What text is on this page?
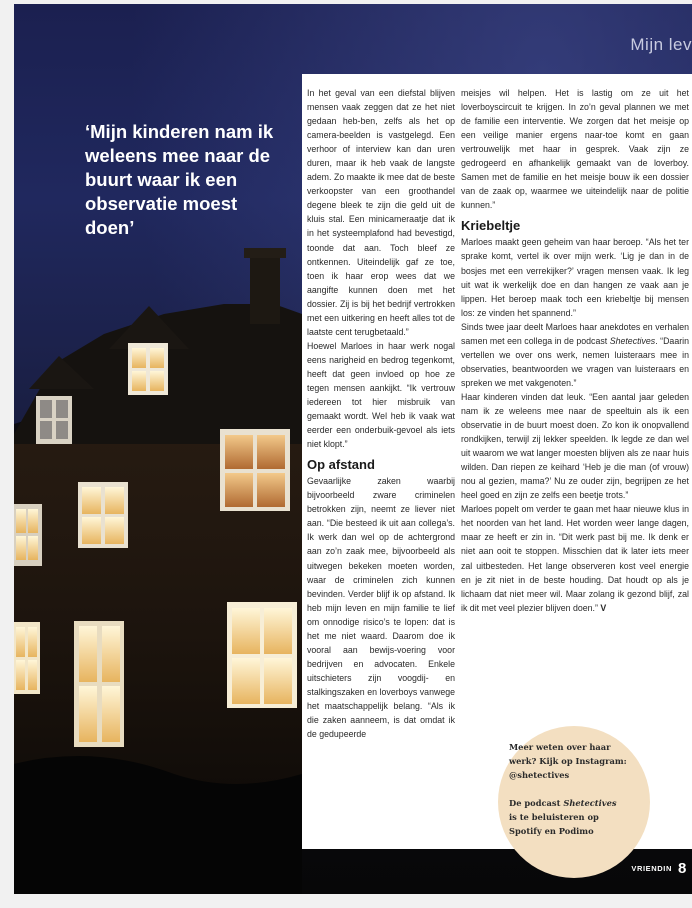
Mijn lev
‘Mijn kinderen nam ik weleens mee naar de buurt waar ik een observatie moest doen’

In het geval van een diefstal blijven mensen vaak zeggen dat ze het niet gedaan heb-ben, zelfs als het op camera-beelden is vastgelegd. Een verhoor of interview kan dan uren duren, maar ik heb vaak de langste adem. Zo maakte ik mee dat de beste verkoopster van een groothandel degene bleek te zijn die geld uit de kluis stal. Een minicameraatje dat ik in het systeemplafond had bevestigd, toonde dat aan. Toch bleef ze ontkennen. Uiteindelijk gaf ze toe, toen ik haar erop wees dat we aangifte kunnen doen met het dossier. Zij is bij het bedrijf vertrokken met een uitkering en heeft alles tot de laatste cent terugbetaald.”

Hoewel Marloes in haar werk nogal eens narigheid en bedrog tegenkomt, heeft dat geen invloed op hoe ze tegen mensen aankijkt. “Ik vertrouw iedereen tot hier misbruik van gemaakt wordt. Wel heb ik vaak wat eerder een onderbuik-gevoel als iets niet klopt.”

Op afstand

Gevaarlijke zaken waarbij bijvoorbeeld zware criminelen betrokken zijn, neemt ze liever niet aan. “Die besteed ik uit aan collega’s. Ik werk dan wel op de achtergrond aan zo’n zaak mee, bijvoorbeeld als uitwegen bekeken moeten worden, waar de criminelen zich kunnen bevinden. Verder blijf ik op afstand. Ik heb mijn leven en mijn familie te lief om onnodige risico’s te lopen: dat is het me niet waard. Daarom doe ik vooral aan bewijs-voering voor bedrijven en advocaten. Enkele uitschieters zijn voogdij- en stalkingszaken en loverboys vanwege het maatschappelijk belang. “Als ik die zaken aanneem, is dat omdat ik de gedupeerde

meisjes wil helpen. Het is lastig om ze uit het loverboyscircuit te krijgen. In zo’n geval plannen we met de familie een interventie. We zorgen dat het meisje op een veilige manier ergens naar-toe komt en gaan vertrouwelijk met haar in gesprek. Vaak zijn ze gedrogeerd en afhankelijk gemaakt van de loverboy. Samen met de familie en het meisje bouw ik een dossier van de zaak op, waarmee we uiteindelijk naar de politie kunnen.”

Kriebeltje

Marloes maakt geen geheim van haar beroep. “Als het ter sprake komt, vertel ik over mijn werk. ‘Lig je dan in de bosjes met een verrekijker?’ vragen mensen vaak. Ik leg uit wat ik werkelijk doe en dan hangen ze vaak aan je lippen. Het beroep maak toch een kriebeltje bij mensen los: ze vinden het spannend.”

Sinds twee jaar deelt Marloes haar anekdotes en verhalen samen met een collega in de podcast Shetectives. “Daarin vertellen we over ons werk, nemen luisteraars mee in observaties, beantwoorden we vragen van luisteraars en spreken we met vakgenoten.”

Haar kinderen vinden dat leuk. “Een aantal jaar geleden nam ik ze weleens mee naar de speeltuin als ik een observatie in de buurt moest doen. Zo kon ik onopvallend rondkijken, terwijl zij lekker speelden. Ik legde ze dan wel uit waarom we wat langer moesten blijven als ze naar huis wilden. Dan riepen ze keihard ‘Heb je die man (of vrouw) nou al gezien, mama?’ Nu ze ouder zijn, begrijpen ze het heel goed en zijn ze zelfs een beetje trots.”

Marloes popelt om verder te gaan met haar nieuwe klus in het noorden van het land. Het worden weer lange dagen, maar ze heeft er zin in. “Dit werk past bij me. Ik denk er niet aan ooit te stoppen. Misschien dat ik later iets meer zal uitbesteden. Het lange observeren kost veel energie en je zit niet in de beste houding. Dat houdt op als je lichaam dat niet meer wil. Maar zolang ik gezond blijf, zal ik dit met veel plezier blijven doen.” V

Meer weten over haar werk? Kijk op Instagram: @shetectives

De podcast Shetectives is te beluisteren op Spotify en Podimo

VRIENDIN 8
